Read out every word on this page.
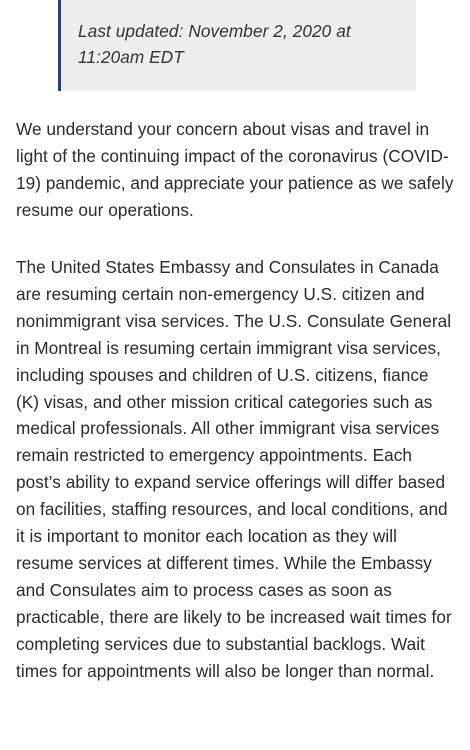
Last updated: November 2, 2020 at 11:20am EDT

We understand your concern about visas and travel in light of the continuing impact of the coronavirus (COVID-19) pandemic, and appreciate your patience as we safely resume our operations.

The United States Embassy and Consulates in Canada are resuming certain non-emergency U.S. citizen and nonimmigrant visa services. The U.S. Consulate General in Montreal is resuming certain immigrant visa services, including spouses and children of U.S. citizens, fiance (K) visas, and other mission critical categories such as medical professionals. All other immigrant visa services remain restricted to emergency appointments. Each post’s ability to expand service offerings will differ based on facilities, staffing resources, and local conditions, and it is important to monitor each location as they will resume services at different times. While the Embassy and Consulates aim to process cases as soon as practicable, there are likely to be increased wait times for completing services due to substantial backlogs. Wait times for appointments will also be longer than normal.
